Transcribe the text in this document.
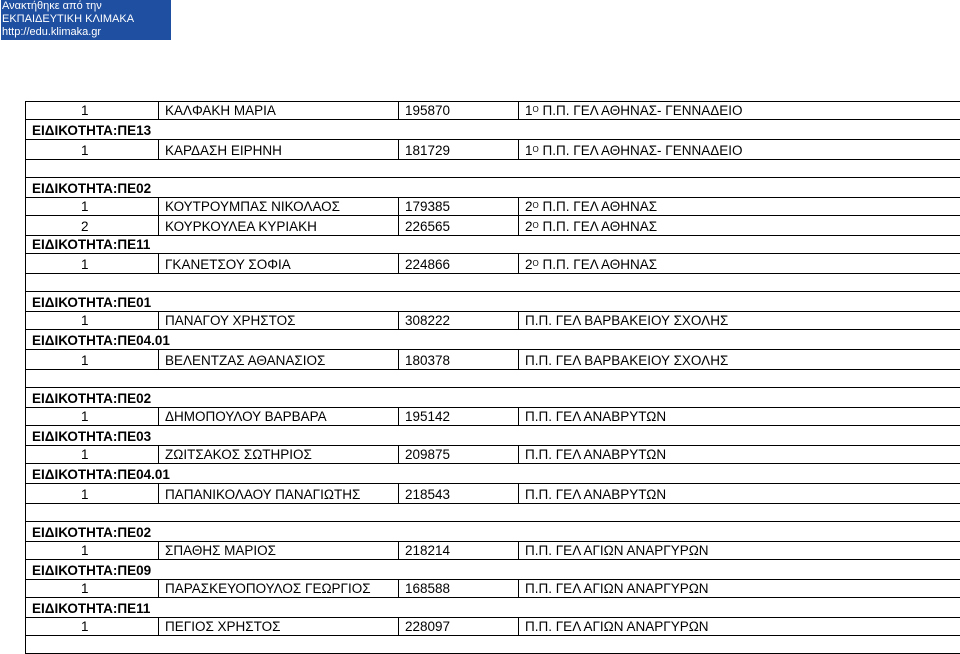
Ανακτήθηκε από την
ΕΚΠΑΙΔΕΥΤΙΚΗ ΚΛΙΜΑΚΑ
http://edu.klimaka.gr
1	ΚΑΛΦΑΚΗ ΜΑΡΙΑ	195870	$1^O$ Π.Π. ΓΕΛ ΑΘΗΝΑΣ- ΓΕΝΝΑΔΕΙΟ
ΕΙΔΙΚΟΤΗΤΑ:ΠΕ13			
1	ΚΑΡΔΑΣΗ ΕΙΡΗΝΗ	181729	$1^O$ Π.Π. ΓΕΛ ΑΘΗΝΑΣ- ΓΕΝΝΑΔΕΙΟ

ΕΙΔΙΚΟΤΗΤΑ:ΠΕ02			
1	ΚΟΥΤΡΟΥΜΠΑΣ ΝΙΚΟΛΑΟΣ	179385	$2^O$ Π.Π. ΓΕΛ ΑΘΗΝΑΣ
2	ΚΟΥΡΚΟΥΛΕΑ ΚΥΡΙΑΚΗ	226565	$2^O$ Π.Π. ΓΕΛ ΑΘΗΝΑΣ
ΕΙΔΙΚΟΤΗΤΑ:ΠΕ11			
1	ΓΚΑΝΕΤΣΟΥ ΣΟΦΙΑ	224866	$2^O$ Π.Π. ΓΕΛ ΑΘΗΝΑΣ

ΕΙΔΙΚΟΤΗΤΑ:ΠΕ01			
1	ΠΑΝΑΓΟΥ ΧΡΗΣΤΟΣ	308222	Π.Π. ΓΕΛ ΒΑΡΒΑΚΕΙΟΥ ΣΧΟΛΗΣ
ΕΙΔΙΚΟΤΗΤΑ:ΠΕ04.01			
1	ΒΕΛΕΝΤΖΑΣ ΑΘΑΝΑΣΙΟΣ	180378	Π.Π. ΓΕΛ ΒΑΡΒΑΚΕΙΟΥ ΣΧΟΛΗΣ

ΕΙΔΙΚΟΤΗΤΑ:ΠΕ02			
1	ΔΗΜΟΠΟΥΛΟΥ ΒΑΡΒΑΡΑ	195142	Π.Π. ΓΕΛ ΑΝΑΒΡΥΤΩΝ
ΕΙΔΙΚΟΤΗΤΑ:ΠΕ03			
1	ΖΩΙΤΣΑΚΟΣ ΣΩΤΗΡΙΟΣ	209875	Π.Π. ΓΕΛ ΑΝΑΒΡΥΤΩΝ
ΕΙΔΙΚΟΤΗΤΑ:ΠΕ04.01			
1	ΠΑΠΑΝΙΚΟΛΑΟΥ ΠΑΝΑΓΙΩΤΗΣ	218543	Π.Π. ΓΕΛ ΑΝΑΒΡΥΤΩΝ

ΕΙΔΙΚΟΤΗΤΑ:ΠΕ02			
1	ΣΠΑΘΗΣ ΜΑΡΙΟΣ	218214	Π.Π. ΓΕΛ ΑΓΙΩΝ ΑΝΑΡΓΥΡΩΝ
ΕΙΔΙΚΟΤΗΤΑ:ΠΕ09			
1	ΠΑΡΑΣΚΕΥΟΠΟΥΛΟΣ ΓΕΩΡΓΙΟΣ	168588	Π.Π. ΓΕΛ ΑΓΙΩΝ ΑΝΑΡΓΥΡΩΝ
ΕΙΔΙΚΟΤΗΤΑ:ΠΕ11			
1	ΠΕΓΙΟΣ ΧΡΗΣΤΟΣ	228097	Π.Π. ΓΕΛ ΑΓΙΩΝ ΑΝΑΡΓΥΡΩΝ
